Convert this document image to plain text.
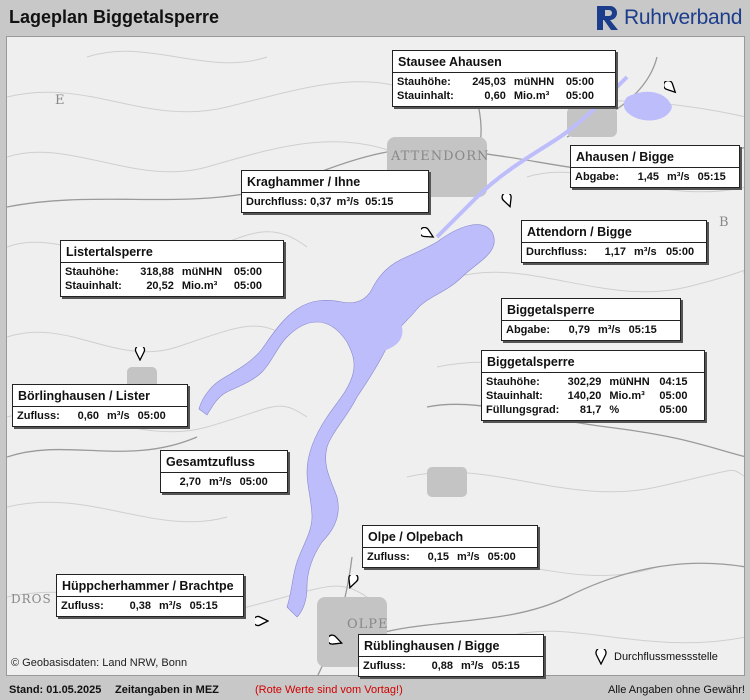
Lageplan Biggetalsperre	Ruhrverband
ATTENDORN
OLPE
DROS
E
B
© Geobasisdaten: Land NRW, Bonn	Durchflussmessstelle
Stausee Ahausen
Stauhöhe:	245,03	müNHN	05:00
Stauinhalt:	0,60	Mio.m³	05:00
Ahausen / Bigge
Abgabe:	1,45	m³/s	05:15
Kraghammer / Ihne
Durchfluss:	0,37	m³/s	05:15
Attendorn / Bigge
Durchfluss:	1,17	m³/s	05:00
Listertalsperre
Stauhöhe:	318,88	müNHN	05:00
Stauinhalt:	20,52	Mio.m³	05:00
Biggetalsperre
Abgabe:	0,79	m³/s	05:15
Biggetalsperre
Stauhöhe:	302,29	müNHN	04:15
Stauinhalt:	140,20	Mio.m³	05:00
Füllungsgrad:	81,7	%	05:00
Börlinghausen / Lister
Zufluss:	0,60	m³/s	05:00
Gesamtzufluss
	2,70	m³/s	05:00
Olpe / Olpebach
Zufluss:	0,15	m³/s	05:00
Hüppcherhammer / Brachtpe
Zufluss:	0,38	m³/s	05:15
Rüblinghausen / Bigge
Zufluss:	0,88	m³/s	05:15
Stand: 01.05.2025 Zeitangaben in MEZ	(Rote Werte sind vom Vortag!)	Alle Angaben ohne Gewähr!
